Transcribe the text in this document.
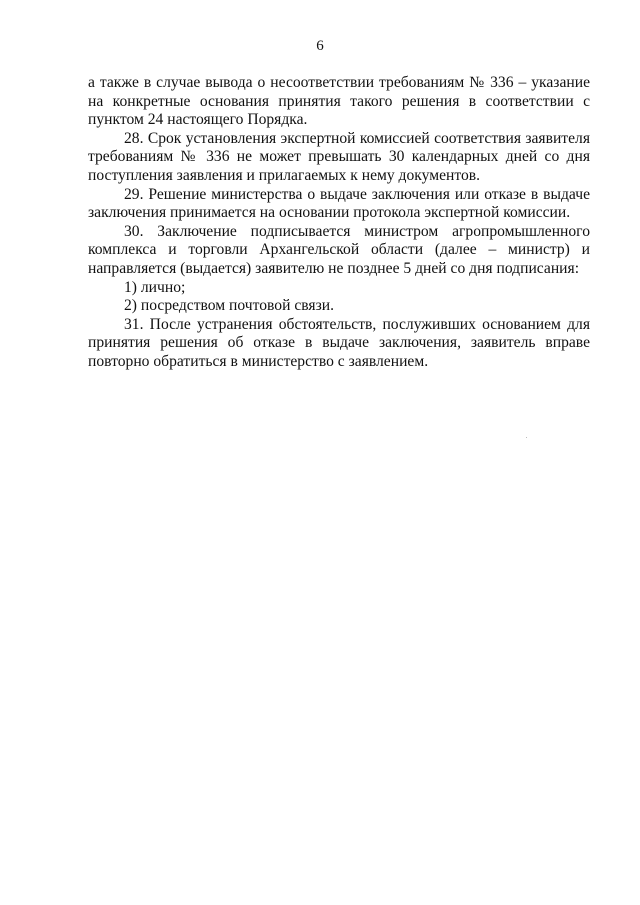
6

а также в случае вывода о несоответствии требованиям № 336 – указание на конкретные основания принятия такого решения в соответствии с пунктом 24 настоящего Порядка.

28. Срок установления экспертной комиссией соответствия заявителя требованиям № 336 не может превышать 30 календарных дней со дня поступления заявления и прилагаемых к нему документов.

29. Решение министерства о выдаче заключения или отказе в выдаче заключения принимается на основании протокола экспертной комиссии.

30. Заключение подписывается министром агропромышленного комплекса и торговли Архангельской области (далее – министр) и направляется (выдается) заявителю не позднее 5 дней со дня подписания:

1) лично;

2) посредством почтовой связи.

31. После устранения обстоятельств, послуживших основанием для принятия решения об отказе в выдаче заключения, заявитель вправе повторно обратиться в министерство с заявлением.
